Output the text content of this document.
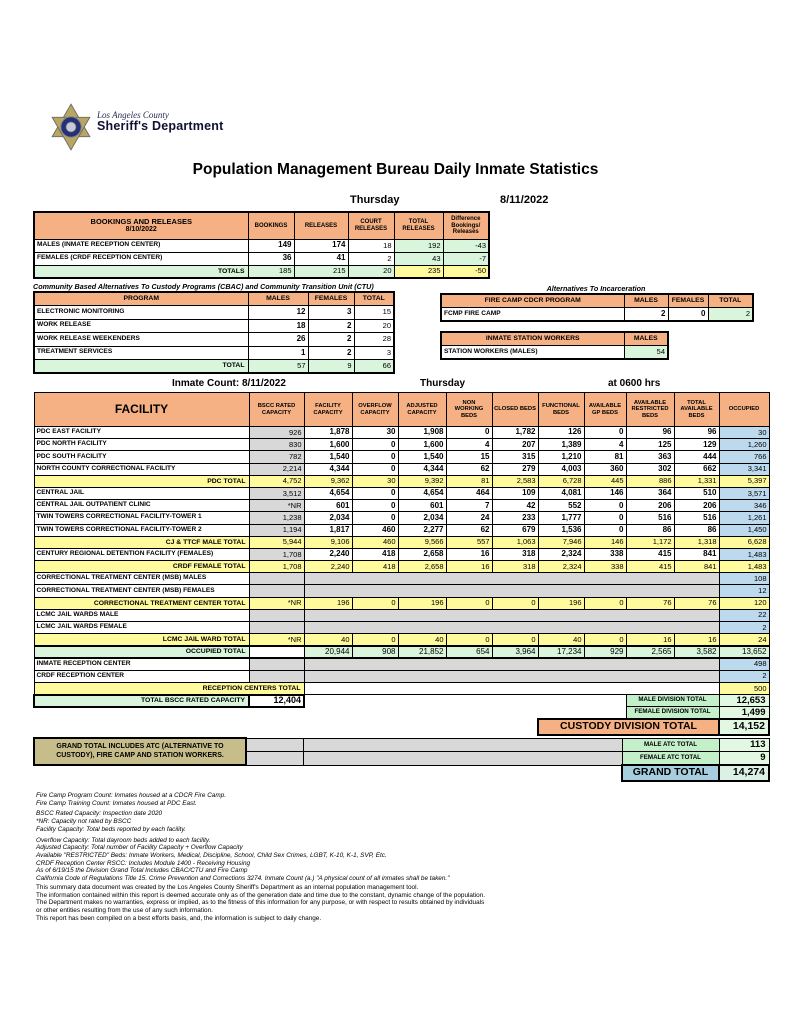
Los Angeles County
Sheriff's Department
Population Management Bureau Daily Inmate Statistics
Thursday	8/11/2022
BOOKINGS AND RELEASES
8/10/2022	BOOKINGS	RELEASES	COURT RELEASES	TOTAL RELEASES	Difference Bookings/ Releases
MALES (INMATE RECEPTION CENTER)	149	174	18	192	-43
FEMALES (CRDF RECEPTION CENTER)	36	41	2	43	-7
TOTALS	185	215	20	235	-50
Community Based Alternatives To Custody Programs (CBAC) and Community Transition Unit (CTU)
PROGRAM	MALES	FEMALES	TOTAL
ELECTRONIC MONITORING	12	3	15
WORK RELEASE	18	2	20
WORK RELEASE WEEKENDERS	26	2	28
TREATMENT SERVICES	1	2	3
TOTAL	57	9	66
Alternatives To Incarceration
FIRE CAMP CDCR PROGRAM	MALES	FEMALES	TOTAL
FCMP FIRE CAMP	2	0	2
INMATE STATION WORKERS	MALES
STATION WORKERS (MALES)	54
Inmate Count: 8/11/2022	Thursday	at 0600 hrs
FACILITY	BSCC RATED CAPACITY	FACILITY CAPACITY	OVERFLOW CAPACITY	ADJUSTED CAPACITY	NON WORKING BEDS	CLOSED BEDS	FUNCTIONAL BEDS	AVAILABLE GP BEDS	AVAILABLE RESTRICTED BEDS	TOTAL AVAILABLE BEDS	OCCUPIED
PDC EAST FACILITY	926	1,878	30	1,908	0	1,782	126	0	96	96	30
PDC NORTH FACILITY	830	1,600	0	1,600	4	207	1,389	4	125	129	1,260
PDC SOUTH FACILITY	782	1,540	0	1,540	15	315	1,210	81	363	444	766
NORTH COUNTY CORRECTIONAL FACILITY	2,214	4,344	0	4,344	62	279	4,003	360	302	662	3,341
PDC TOTAL	4,752	9,362	30	9,392	81	2,583	6,728	445	886	1,331	5,397
CENTRAL JAIL	3,512	4,654	0	4,654	464	109	4,081	146	364	510	3,571
CENTRAL JAIL OUTPATIENT CLINIC	*NR	601	0	601	7	42	552	0	206	206	346
TWIN TOWERS CORRECTIONAL FACILITY-TOWER 1	1,238	2,034	0	2,034	24	233	1,777	0	516	516	1,261
TWIN TOWERS CORRECTIONAL FACILITY-TOWER 2	1,194	1,817	460	2,277	62	679	1,536	0	86	86	1,450
CJ & TTCF MALE TOTAL	5,944	9,106	460	9,566	557	1,063	7,946	146	1,172	1,318	6,628
CENTURY REGIONAL DETENTION FACILITY (FEMALES)	1,708	2,240	418	2,658	16	318	2,324	338	415	841	1,483
CRDF FEMALE TOTAL	1,708	2,240	418	2,658	16	318	2,324	338	415	841	1,483
CORRECTIONAL TREATMENT CENTER (MSB) MALES											108
CORRECTIONAL TREATMENT CENTER (MSB) FEMALES											12
CORRECTIONAL TREATMENT CENTER TOTAL	*NR	196	0	196	0	0	196	0	76	76	120
LCMC JAIL WARDS MALE											22
LCMC JAIL WARDS FEMALE											2
LCMC JAIL WARD TOTAL	*NR	40	0	40	0	0	40	0	16	16	24
OCCUPIED TOTAL		20,944	908	21,852	654	3,964	17,234	929	2,565	3,582	13,652
INMATE RECEPTION CENTER											498
CRDF RECEPTION CENTER											2
RECEPTION CENTERS TOTAL											500
TOTAL BSCC RATED CAPACITY	12,404								MALE DIVISION TOTAL		12,653
									FEMALE DIVISION TOTAL		1,499
							CUSTODY DIVISION TOTAL				14,152
GRAND TOTAL INCLUDES ATC (ALTERNATIVE TO
CUSTODY), FIRE CAMP AND STATION WORKERS.			MALE ATC TOTAL	113
			FEMALE ATC TOTAL	9
			GRAND TOTAL	14,274
Fire Camp Program Count: Inmates housed at a CDCR Fire Camp.
Fire Camp Training Count: Inmates housed at PDC East.
BSCC Rated Capacity: Inspection date 2020
*NR: Capacity not rated by BSCC
Facility Capacity: Total beds reported by each facility.
Overflow Capacity: Total dayroom beds added to each facility.
Adjusted Capacity: Total number of Facility Capacity + Overflow Capacity
Available "RESTRICTED" Beds: Inmate Workers, Medical, Discipline, School, Child Sex Crimes, LGBT, K-10, K-1, SVP, Etc.
CRDF Reception Center RSCC: Includes Module 1400 - Receiving Housing
As of 6/19/15 the Division Grand Total Includes CBAC/CTU and Fire Camp
California Code of Regulations Title 15. Crime Prevention and Corrections 3274. Inmate Count (a.) "A physical count of all inmates shall be taken."
This summary data document was created by the Los Angeles County Sheriff's Department as an internal population management tool.
The information contained within this report is deemed accurate only as of the generation date and time due to the constant, dynamic change of the population.
The Department makes no warranties, express or implied, as to the fitness of this information for any purpose, or with respect to results obtained by individuals
or other entities resulting from the use of any such information.
This report has been compiled on a best efforts basis, and, the information is subject to daily change.
